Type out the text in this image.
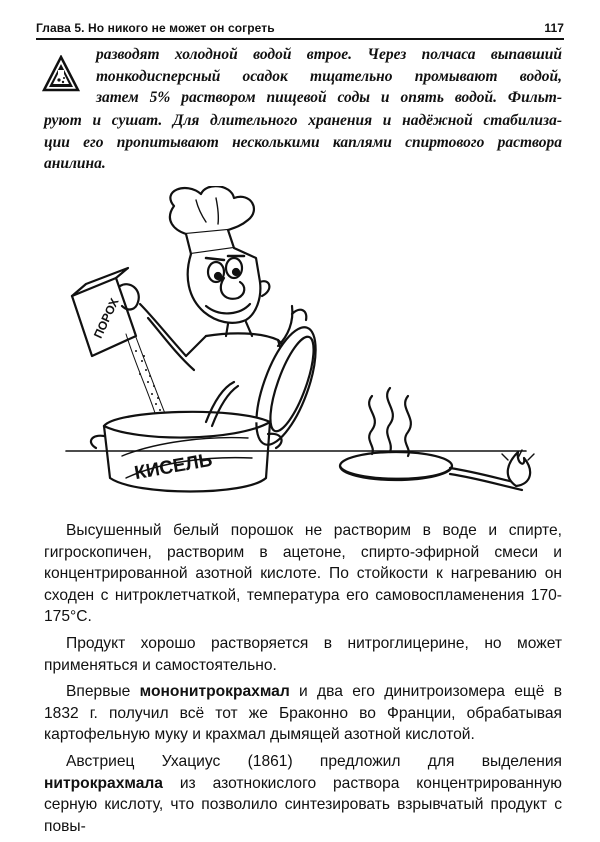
Глава 5. Но никого не может он согреть	117
разводят холодной водой втрое. Через полчаса выпавший
тонкодисперсный осадок тщательно промывают водой,
затем 5% раствором пищевой соды и опять водой. Фильт-
руют и сушат. Для длительного хранения и надёжной стабилиза-
ции его пропитывают несколькими каплями спиртового раствора
анилина.
ПОРОХ
КИСЕЛЬ

Высушенный белый порошок не растворим в воде и спирте, гигроскопичен, растворим в ацетоне, спирто-эфирной смеси и концентрированной азотной кислоте. По стойкости к нагреванию он сходен с нитроклетчаткой, температура его самовоспламенения 170-175°С.

Продукт хорошо растворяется в нитроглицерине, но может применяться и самостоятельно.

Впервые мононитрокрахмал и два его динитроизомера ещё в 1832 г. получил всё тот же Браконно во Франции, обрабатывая картофельную муку и крахмал дымящей азотной кислотой.

Австриец Ухациус (1861) предложил для выделения нитрокрахмала из азотнокислого раствора концентрированную серную кислоту, что позволило синтезировать взрывчатый продукт с повы-
